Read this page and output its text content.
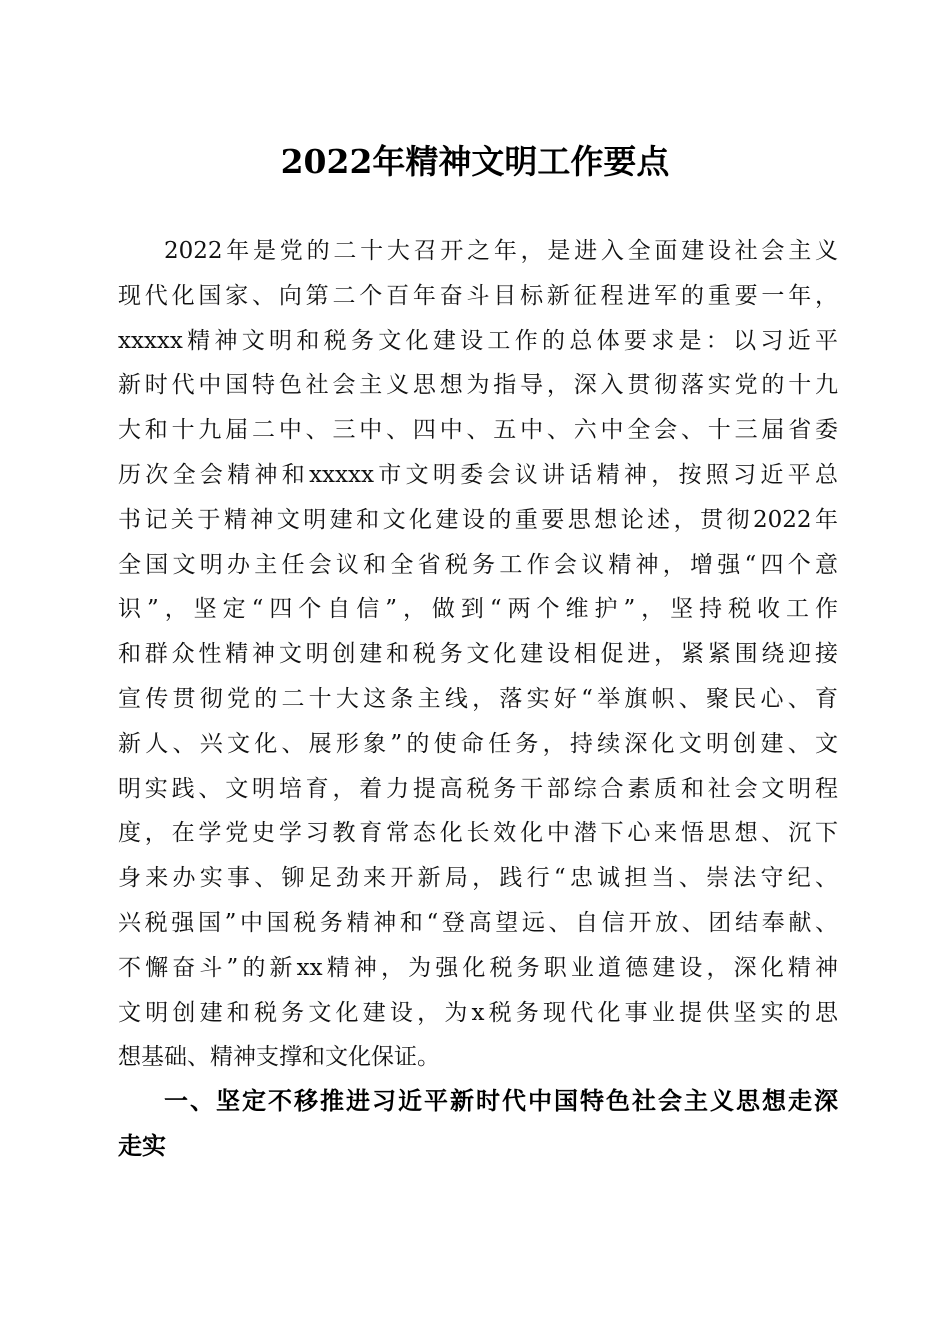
2022年精神文明工作要点
2022年是党的二十大召开之年，是进入全面建设社会主义
现代化国家、向第二个百年奋斗目标新征程进军的重要一年，
xxxxx精神文明和税务文化建设工作的总体要求是：以习近平
新时代中国特色社会主义思想为指导，深入贯彻落实党的十九
大和十九届二中、三中、四中、五中、六中全会、十三届省委
历次全会精神和xxxxx市文明委会议讲话精神，按照习近平总
书记关于精神文明建和文化建设的重要思想论述，贯彻2022年
全国文明办主任会议和全省税务工作会议精神，增强“四个意
识”，坚定“四个自信”，做到“两个维护”，坚持税收工作
和群众性精神文明创建和税务文化建设相促进，紧紧围绕迎接
宣传贯彻党的二十大这条主线，落实好“举旗帜、聚民心、育
新人、兴文化、展形象”的使命任务，持续深化文明创建、文
明实践、文明培育，着力提高税务干部综合素质和社会文明程
度，在学党史学习教育常态化长效化中潜下心来悟思想、沉下
身来办实事、铆足劲来开新局，践行“忠诚担当、崇法守纪、
兴税强国”中国税务精神和“登高望远、自信开放、团结奉献、
不懈奋斗”的新xx精神，为强化税务职业道德建设，深化精神
文明创建和税务文化建设，为x税务现代化事业提供坚实的思
想基础、精神支撑和文化保证。
一、坚定不移推进习近平新时代中国特色社会主义思想走深
走实
